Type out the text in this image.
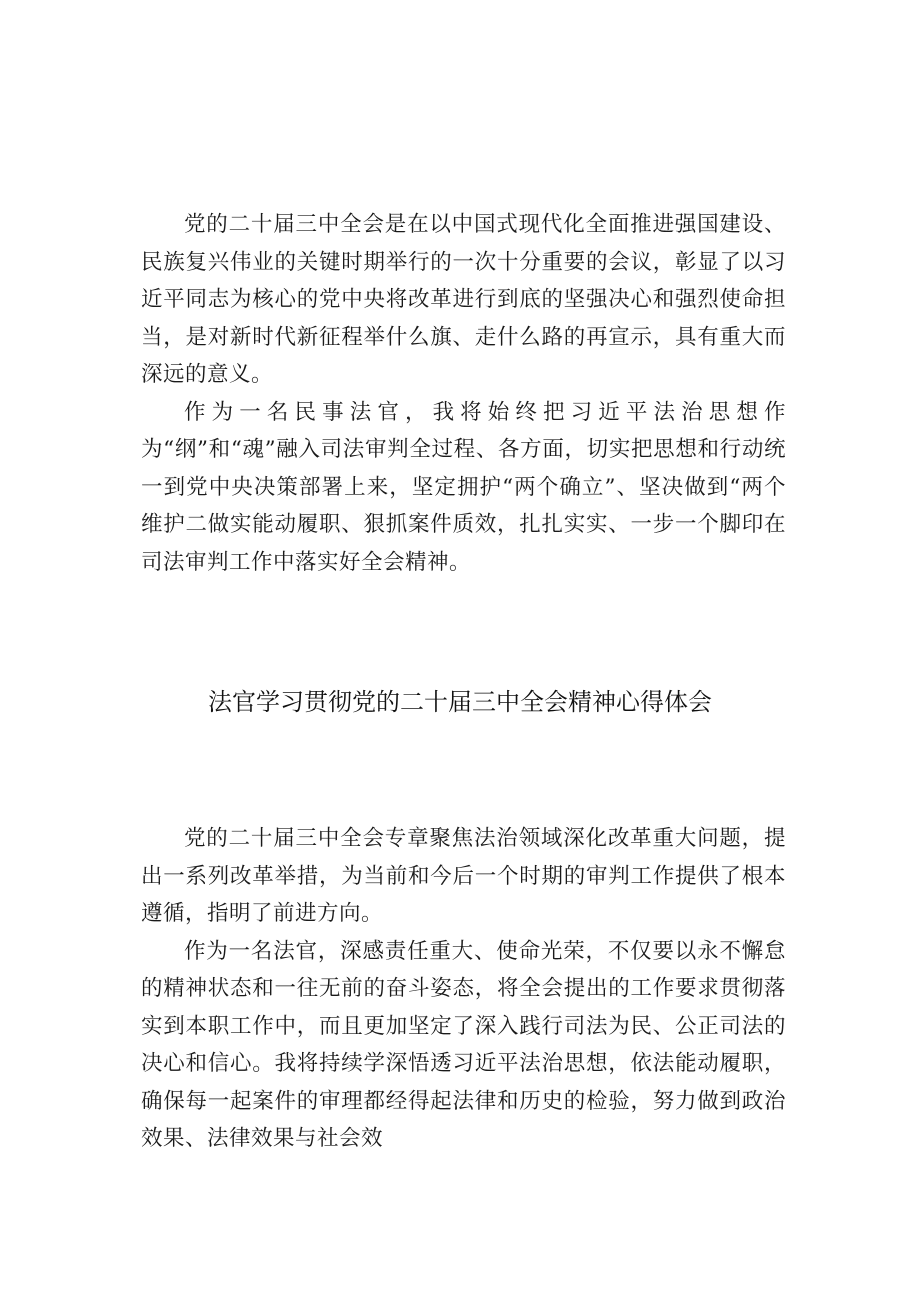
党的二十届三中全会是在以中国式现代化全面推进强国建设、民族复兴伟业的关键时期举行的一次十分重要的会议，彰显了以习近平同志为核心的党中央将改革进行到底的坚强决心和强烈使命担当，是对新时代新征程举什么旗、走什么路的再宣示，具有重大而深远的意义。

作为一名民事法官，我将始终把习近平法治思想作为“纲”和“魂”融入司法审判全过程、各方面，切实把思想和行动统一到党中央决策部署上来，坚定拥护“两个确立”、坚决做到“两个维护二做实能动履职、狠抓案件质效，扎扎实实、一步一个脚印在司法审判工作中落实好全会精神。

法官学习贯彻党的二十届三中全会精神心得体会

党的二十届三中全会专章聚焦法治领域深化改革重大问题，提出一系列改革举措，为当前和今后一个时期的审判工作提供了根本遵循，指明了前进方向。

作为一名法官，深感责任重大、使命光荣，不仅要以永不懈怠的精神状态和一往无前的奋斗姿态，将全会提出的工作要求贯彻落实到本职工作中，而且更加坚定了深入践行司法为民、公正司法的决心和信心。我将持续学深悟透习近平法治思想，依法能动履职，确保每一起案件的审理都经得起法律和历史的检验，努力做到政治效果、法律效果与社会效
